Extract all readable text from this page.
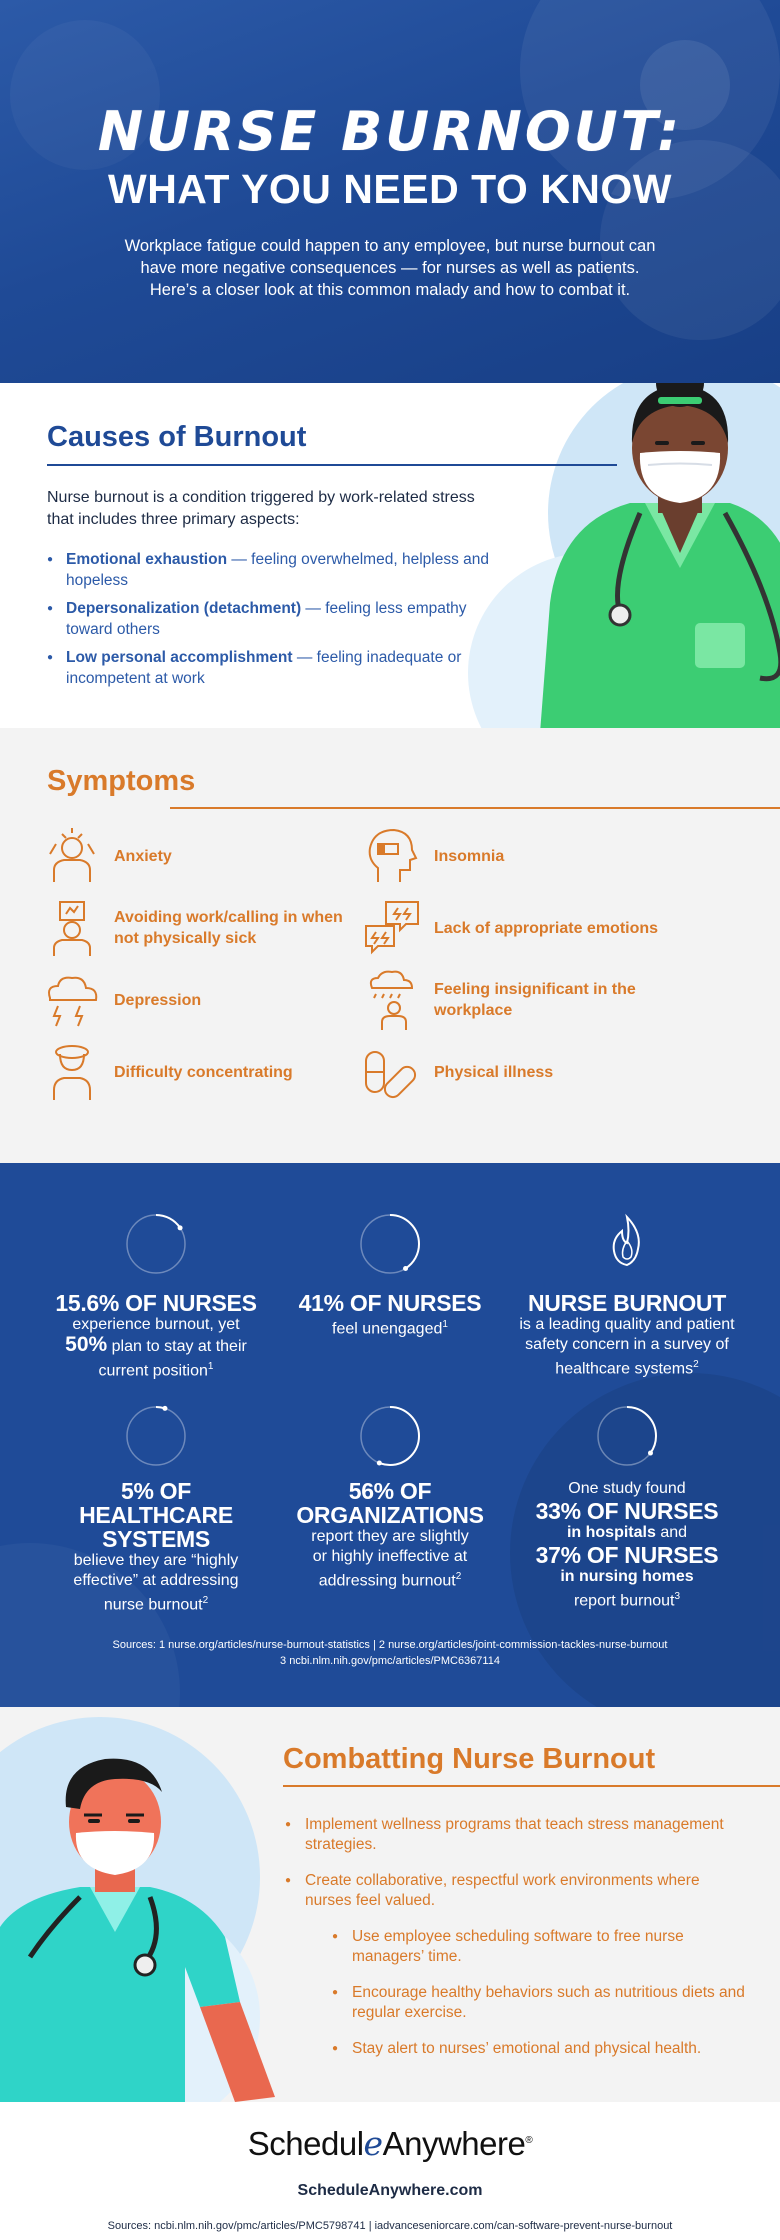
NURSE BURNOUT:
WHAT YOU NEED TO KNOW

Workplace fatigue could happen to any employee, but nurse burnout can have more negative consequences — for nurses as well as patients. Here’s a closer look at this common malady and how to combat it.

Causes of Burnout

Nurse burnout is a condition triggered by work-related stress that includes three primary aspects:

● Emotional exhaustion — feeling overwhelmed, helpless and hopeless
● Depersonalization (detachment) — feeling less empathy toward others
● Low personal accomplishment — feeling inadequate or incompetent at work
Symptoms
Anxiety
Avoiding work/calling in when not physically sick
Depression
Difficulty concentrating
Insomnia
Lack of appropriate emotions
Feeling insignificant in the workplace
Physical illness
15.6% OF NURSES
experience burnout, yet
50% plan to stay at their
current position$^1$
41% OF NURSES
feel unengaged$^1$
NURSE BURNOUT
is a leading quality and patient
safety concern in a survey of
healthcare systems$^2$
5% OF
HEALTHCARE
SYSTEMS
believe they are “highly
effective” at addressing
nurse burnout$^2$
56% OF
ORGANIZATIONS
report they are slightly
or highly ineffective at
addressing burnout$^2$
One study found
33% OF NURSES
in hospitals and
37% OF NURSES
in nursing homes
report burnout$^3$
Sources: 1 nurse.org/articles/nurse-burnout-statistics | 2 nurse.org/articles/joint-commission-tackles-nurse-burnout
3 ncbi.nlm.nih.gov/pmc/articles/PMC6367114
Combatting Nurse Burnout
● Implement wellness programs that teach stress management strategies.
● Create collaborative, respectful work environments where nurses feel valued.
● Use employee scheduling software to free nurse managers’ time.
● Encourage healthy behaviors such as nutritious diets and regular exercise.
● Stay alert to nurses’ emotional and physical health.
ScheduleAnywhere®
ScheduleAnywhere.com
Sources: ncbi.nlm.nih.gov/pmc/articles/PMC5798741 | iadvanceseniorcare.com/can-software-prevent-nurse-burnout
